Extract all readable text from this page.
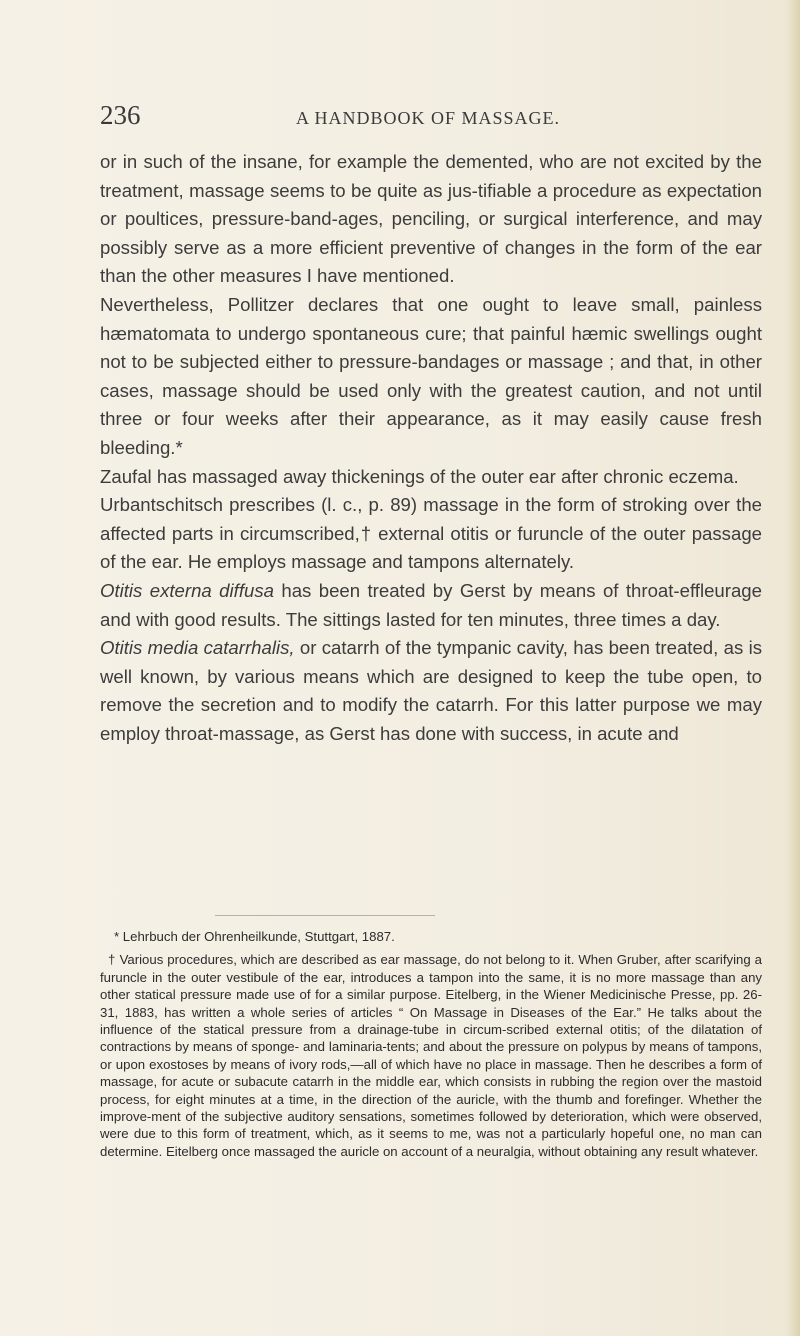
236	A HANDBOOK OF MASSAGE.

or in such of the insane, for example the demented, who are not excited by the treatment, massage seems to be quite as jus-tifiable a procedure as expectation or poultices, pressure-band-ages, penciling, or surgical interference, and may possibly serve as a more efficient preventive of changes in the form of the ear than the other measures I have mentioned.

Nevertheless, Pollitzer declares that one ought to leave small, painless hæmatomata to undergo spontaneous cure; that painful hæmic swellings ought not to be subjected either to pressure-bandages or massage ; and that, in other cases, massage should be used only with the greatest caution, and not until three or four weeks after their appearance, as it may easily cause fresh bleeding.*

Zaufal has massaged away thickenings of the outer ear after chronic eczema.

Urbantschitsch prescribes (l. c., p. 89) massage in the form of stroking over the affected parts in circumscribed,† external otitis or furuncle of the outer passage of the ear. He employs massage and tampons alternately.

Otitis externa diffusa has been treated by Gerst by means of throat-effleurage and with good results. The sittings lasted for ten minutes, three times a day.

Otitis media catarrhalis, or catarrh of the tympanic cavity, has been treated, as is well known, by various means which are designed to keep the tube open, to remove the secretion and to modify the catarrh. For this latter purpose we may employ throat-massage, as Gerst has done with success, in acute and

* Lehrbuch der Ohrenheilkunde, Stuttgart, 1887.

† Various procedures, which are described as ear massage, do not belong to it. When Gruber, after scarifying a furuncle in the outer vestibule of the ear, introduces a tampon into the same, it is no more massage than any other statical pressure made use of for a similar purpose. Eitelberg, in the Wiener Medicinische Presse, pp. 26-31, 1883, has written a whole series of articles “ On Massage in Diseases of the Ear.” He talks about the influence of the statical pressure from a drainage-tube in circum-scribed external otitis; of the dilatation of contractions by means of sponge- and laminaria-tents; and about the pressure on polypus by means of tampons, or upon exostoses by means of ivory rods,—all of which have no place in massage. Then he describes a form of massage, for acute or subacute catarrh in the middle ear, which consists in rubbing the region over the mastoid process, for eight minutes at a time, in the direction of the auricle, with the thumb and forefinger. Whether the improve-ment of the subjective auditory sensations, sometimes followed by deterioration, which were observed, were due to this form of treatment, which, as it seems to me, was not a particularly hopeful one, no man can determine. Eitelberg once massaged the auricle on account of a neuralgia, without obtaining any result whatever.
